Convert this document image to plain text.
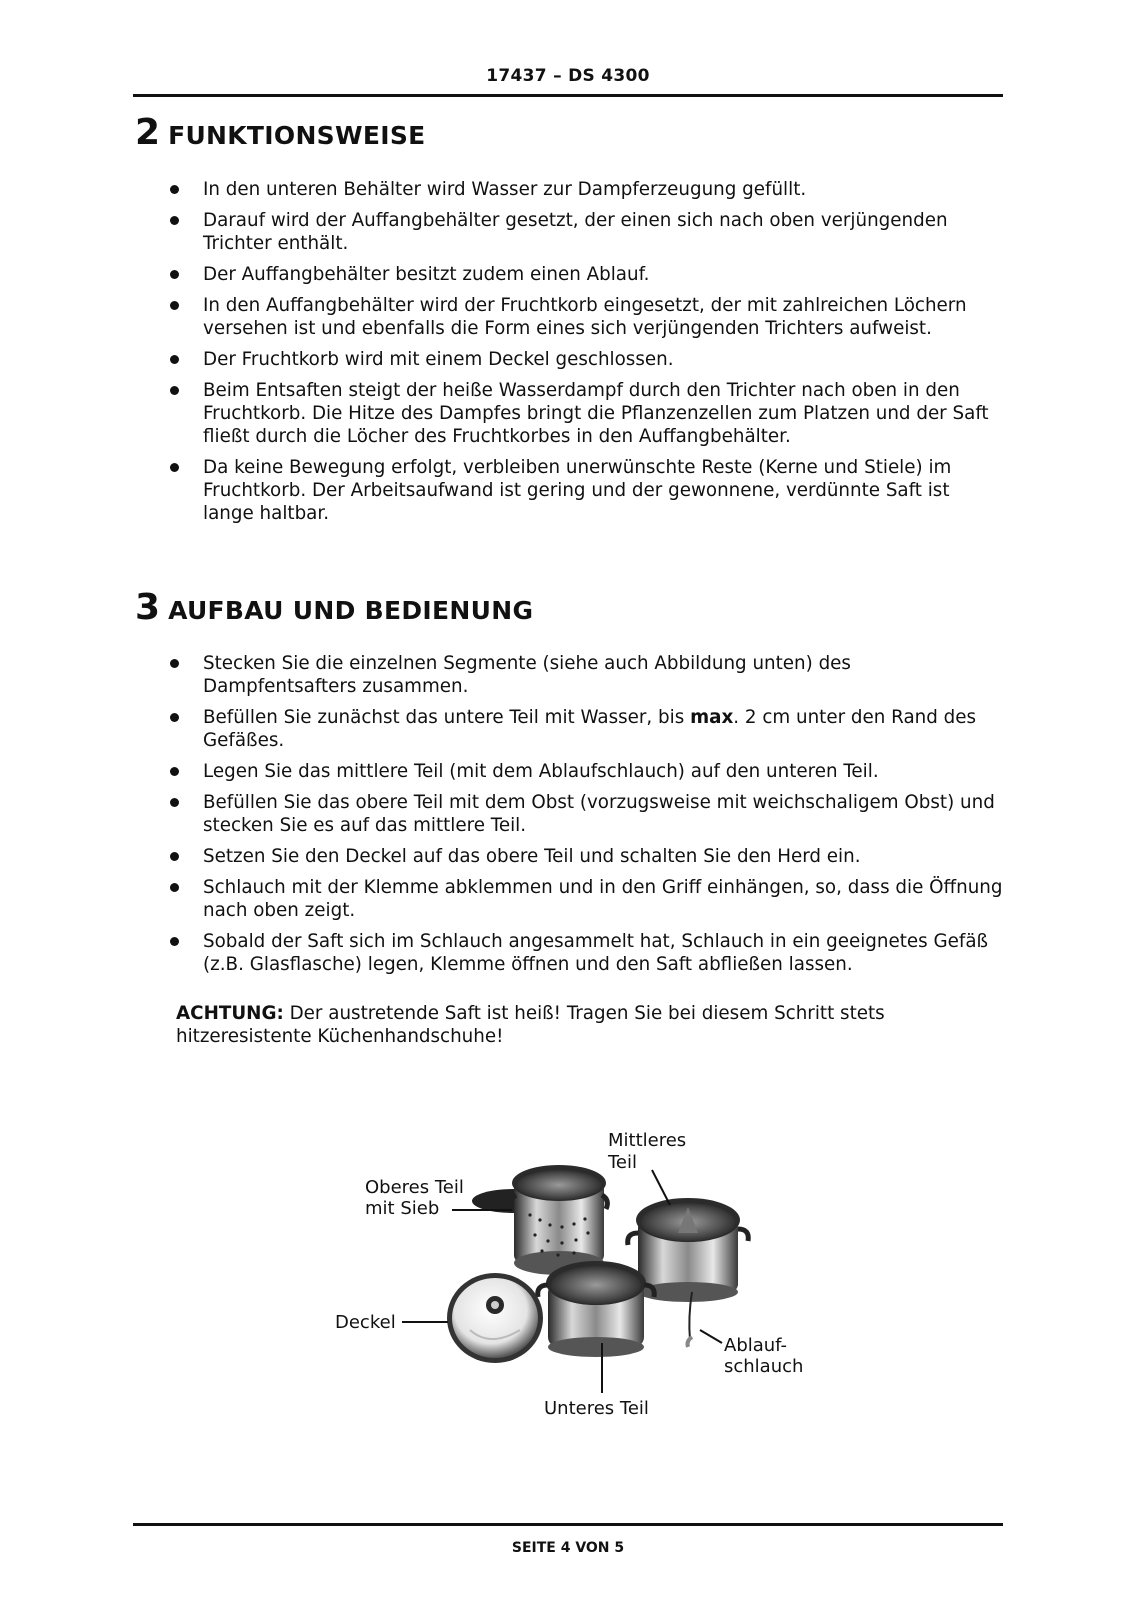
17437 – DS 4300
2 FUNKTIONSWEISE
In den unteren Behälter wird Wasser zur Dampferzeugung gefüllt.
Darauf wird der Auffangbehälter gesetzt, der einen sich nach oben verjüngenden Trichter enthält.
Der Auffangbehälter besitzt zudem einen Ablauf.
In den Auffangbehälter wird der Fruchtkorb eingesetzt, der mit zahlreichen Löchern versehen ist und ebenfalls die Form eines sich verjüngenden Trichters aufweist.
Der Fruchtkorb wird mit einem Deckel geschlossen.
Beim Entsaften steigt der heiße Wasserdampf durch den Trichter nach oben in den Fruchtkorb. Die Hitze des Dampfes bringt die Pflanzenzellen zum Platzen und der Saft fließt durch die Löcher des Fruchtkorbes in den Auffangbehälter.
Da keine Bewegung erfolgt, verbleiben unerwünschte Reste (Kerne und Stiele) im Fruchtkorb. Der Arbeitsaufwand ist gering und der gewonnene, verdünnte Saft ist lange haltbar.
3 AUFBAU UND BEDIENUNG
Stecken Sie die einzelnen Segmente (siehe auch Abbildung unten) des Dampfentsafters zusammen.
Befüllen Sie zunächst das untere Teil mit Wasser, bis max. 2 cm unter den Rand des Gefäßes.
Legen Sie das mittlere Teil (mit dem Ablaufschlauch) auf den unteren Teil.
Befüllen Sie das obere Teil mit dem Obst (vorzugsweise mit weichschaligem Obst) und stecken Sie es auf das mittlere Teil.
Setzen Sie den Deckel auf das obere Teil und schalten Sie den Herd ein.
Schlauch mit der Klemme abklemmen und in den Griff einhängen, so, dass die Öffnung nach oben zeigt.
Sobald der Saft sich im Schlauch angesammelt hat, Schlauch in ein geeignetes Gefäß (z.B. Glasflasche) legen, Klemme öffnen und den Saft abfließen lassen.
ACHTUNG: Der austretende Saft ist heiß! Tragen Sie bei diesem Schritt stets hitzeresistente Küchenhandschuhe!
Mittleres
Teil
Oberes Teil
mit Sieb
Deckel
Ablauf-
schlauch
Unteres Teil
SEITE 4 VON 5
